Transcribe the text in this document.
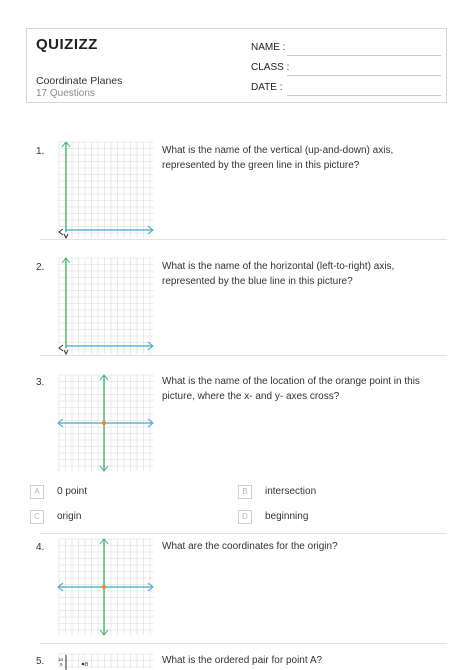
QUIZIZZ
Coordinate Planes
17 Questions
NAME :
CLASS :
DATE :
1.	What is the name of the vertical (up-and-down) axis, represented by the green line in this picture?
2.	What is the name of the horizontal (left-to-right) axis, represented by the blue line in this picture?
3.	What is the name of the location of the orange point in this picture, where the x- and y- axes cross?
A	0 point	B	intersection
C	origin	D	beginning
4.	What are the coordinates for the origin?
5.	10
9	B	What is the ordered pair for point A?
